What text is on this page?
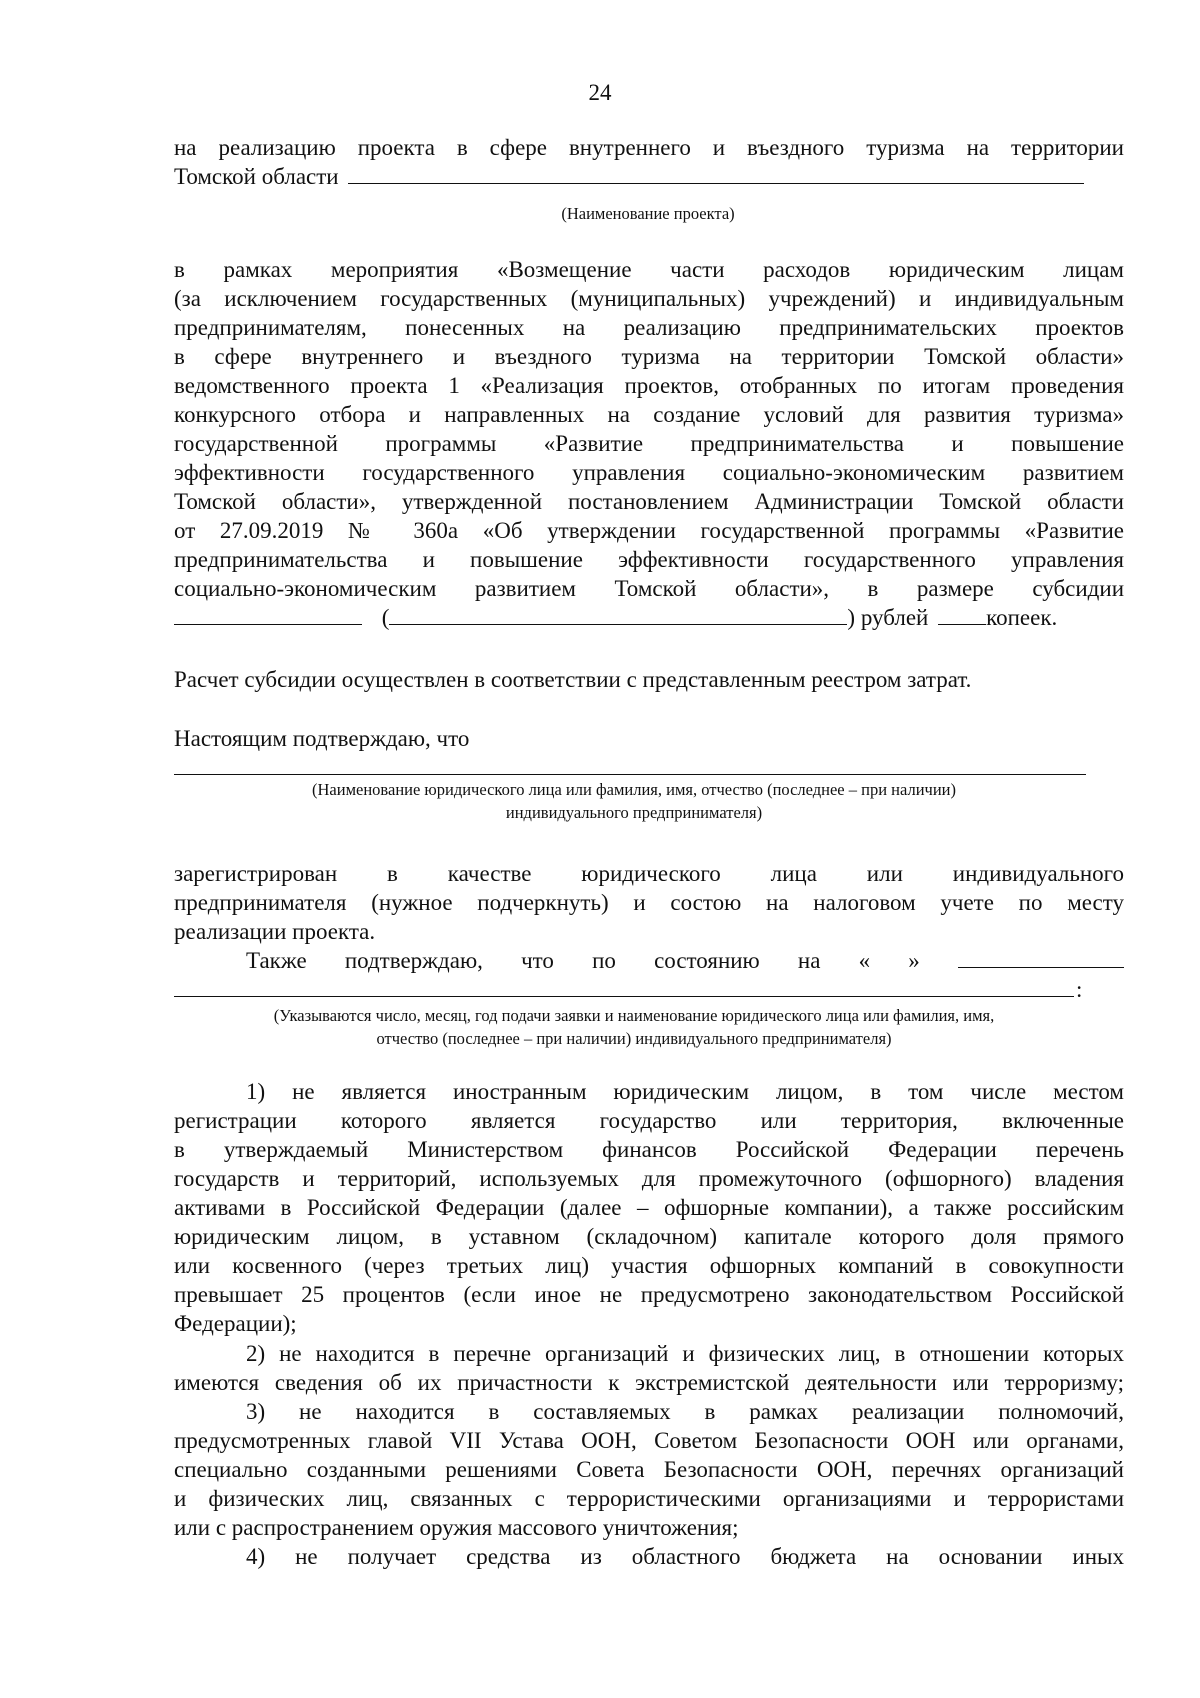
24
на реализацию проекта в сфере внутреннего и въездного туризма на территории
Томской области
(Наименование проекта)
в рамках мероприятия «Возмещение части расходов юридическим лицам
(за исключением государственных (муниципальных) учреждений) и индивидуальным
предпринимателям, понесенных на реализацию предпринимательских проектов
в сфере внутреннего и въездного туризма на территории Томской области»
ведомственного проекта 1 «Реализация проектов, отобранных по итогам проведения
конкурсного отбора и направленных на создание условий для развития туризма»
государственной программы «Развитие предпринимательства и повышение
эффективности государственного управления социально-экономическим развитием
Томской области», утвержденной постановлением Администрации Томской области
от 27.09.2019 № 360а «Об утверждении государственной программы «Развитие
предпринимательства и повышение эффективности государственного управления
социально-экономическим развитием Томской области», в размере субсидии
(	) рублей	копеек.
Расчет субсидии осуществлен в соответствии с представленным реестром затрат.
Настоящим подтверждаю, что
(Наименование юридического лица или фамилия, имя, отчество (последнее – при наличии)
индивидуального предпринимателя)
зарегистрирован в качестве юридического лица или индивидуального
предпринимателя (нужное подчеркнуть) и состою на налоговом учете по месту
реализации проекта.
Также подтверждаю, что по состоянию на « »
:
(Указываются число, месяц, год подачи заявки и наименование юридического лица или фамилия, имя,
отчество (последнее – при наличии) индивидуального предпринимателя)
1) не является иностранным юридическим лицом, в том числе местом
регистрации которого является государство или территория, включенные
в утверждаемый Министерством финансов Российской Федерации перечень
государств и территорий, используемых для промежуточного (офшорного) владения
активами в Российской Федерации (далее – офшорные компании), а также российским
юридическим лицом, в уставном (складочном) капитале которого доля прямого
или косвенного (через третьих лиц) участия офшорных компаний в совокупности
превышает 25 процентов (если иное не предусмотрено законодательством Российской
Федерации);
2) не находится в перечне организаций и физических лиц, в отношении которых
имеются сведения об их причастности к экстремистской деятельности или терроризму;
3) не находится в составляемых в рамках реализации полномочий,
предусмотренных главой VII Устава ООН, Советом Безопасности ООН или органами,
специально созданными решениями Совета Безопасности ООН, перечнях организаций
и физических лиц, связанных с террористическими организациями и террористами
или с распространением оружия массового уничтожения;
4) не получает средства из областного бюджета на основании иных
